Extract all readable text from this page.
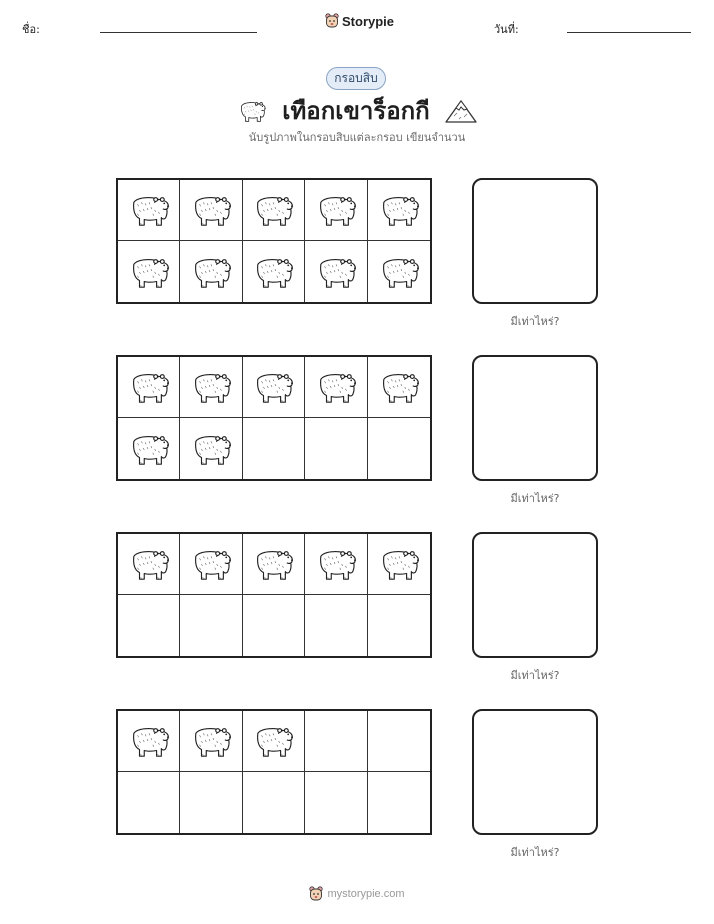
ชื่อ:
Storypie
วันที่:
กรอบสิบ
เทือกเขาร็อกกี
นับรูปภาพในกรอบสิบแต่ละกรอบ เขียนจำนวน
มีเท่าไหร่?
มีเท่าไหร่?
มีเท่าไหร่?
มีเท่าไหร่?
mystorypie.com
